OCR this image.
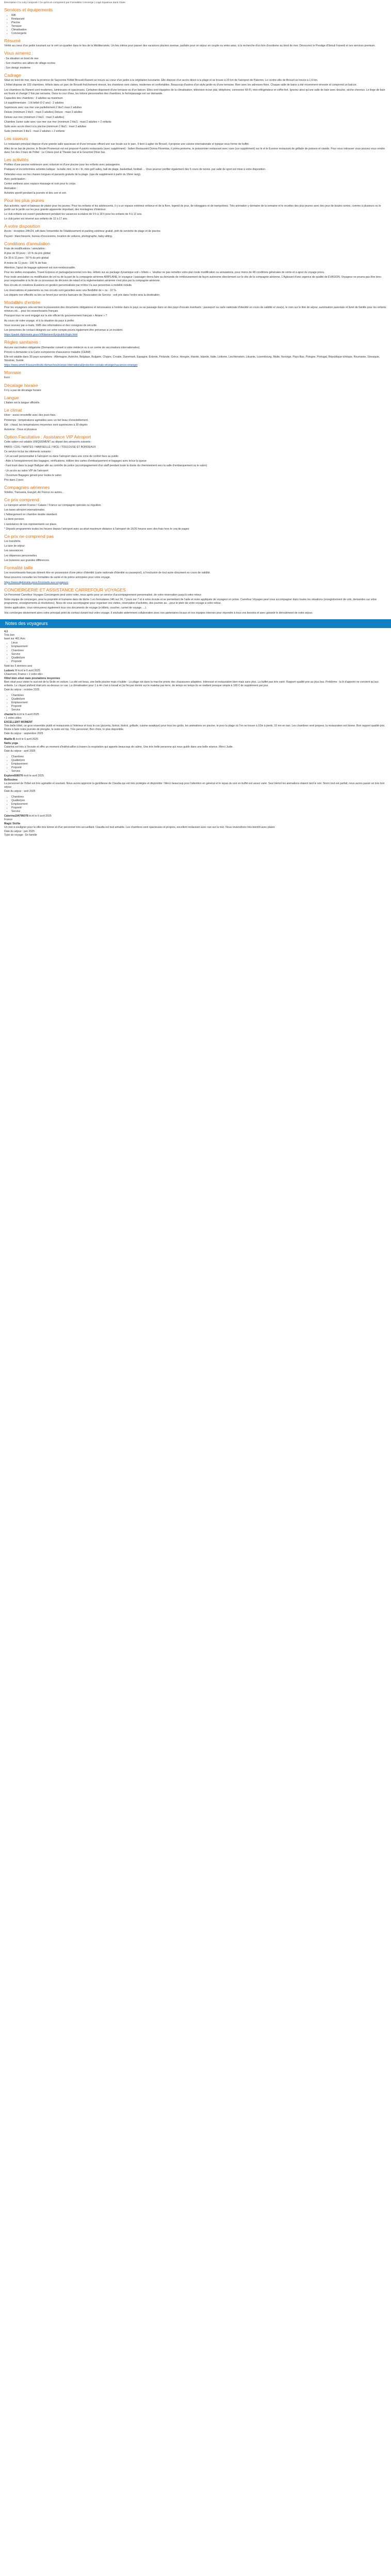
Description C'a cuiry composé / Ce qu'iis en composent par Formalités Concierge | Logé équatoue dans Claire

Services et équipements
• Wifi
• Restaurant
• Piscine
• Terrasse
• Climatisation
• Conciergerie
Résumé

Vérité au coeur d'un jardin luxuriant sur le vert un quartier dans le lieu de la Méditerranée, Un lieu intime pour passer des vacances placées avenue, parfaite pour un séjour en couple ou entre amis, à la recherche d'un brin d'exotisme au bord de mer. Découvrez le Prestige d'Ibrouli Fanenti et ses services premium.

Vous aimerez :

- Sa situation en bord de mer

- Son chartrinu ses atliors de village ecrées

- Son design moderne

Cadrage

Situé en bord de mer, dans la province de Sayvonne l'Hôtel Brouvili Ranent se trouve au coeur d'un jardin à la végétation luxuriante. Elle dispose d'un accès direct à la plage et se trouve à 20 km de l'aéroport de Palermo, Le centre-ville de Brouvil se trouve à 1,6 km.

L'Hôtel dispose de 102 chambres. Hôtels dans un parc de Brouvili fraîchement rénové, les chambres sont claires, modernes et confortables. Beaucoup d'autres d'un style jardin ou d'une terrasse. Bien avec les adresses fixes. Chaque salle de bains a été récemment rénovée et comprend un balcon.

Les chambres du Ranent sont modernes, lumineuses et spacieuses. Certaines disposent d'une terrasse ou d'un balcon. Elles sont équipées de la climatisation, télévision écran plat, téléphone, connexion Wi-Fi, mini-réfrigérateur et coffre-fort. Ignorez ainsi qu'une salle de bain avec douche, sèche-cheveux. Le linge de bain est fourni et changé 2 fois par semaine. Dans la cour d'eau, les lotions personnelles des chambres, le fer/repassage est sur demande.

Capacités des chambres : 3 adultes au maximum

Lit supplémentaire : 1 lit bébé (0-2 ans) : 2 adultes

Supérieure avec vue mer vue partiellement 2 lits/1 maxi 2 adultes

Deluxe (minimum 2 lits/1 : maxi 3 adultes) Deluxe : maxi 3 adultes

Deluxe vue mer (minimum 2 lits/1 : maxi 3 adultes)

Chambre Junior suite avec vue mer vue mer (minimum 2 lits/1 : maxi 2 adultes + 2 enfants

Suite avec accès direct à la piscine (minimum 2 lits/1 : maxi 3 adultes

Suite (minimum 3 lits/1 : maxi 2 adultes + 2 enfants

Les saveurs

Le restaurant principal dispose d'une grande salle spacieuse et d'une terrasse offrant une vue locale sur le parc. Il tient à agiter de Brouvil, il propose une cuisine internationale et typique sous forme de buffet.

Allez de se bar de piscine, le Boulet Promenuir est est proposé 4 points restaurants (avec supplément) : Italien Restaurant Donna Florentas, il prima pomeme, le poissonnier restaurant avec vues (sur supplément) sur le et le Euonne restaurant de grillade de poisson et viande. Pour vous retrouver vous pouvez vous rendre dans l'un des 2 bars de l'hôtel : Le Cinera pool & Theater bar et le Gourmet Dîner bar.

Les activités

Profitez d'une piscine extérieure avec solarium et d'une piscine pour les enfants avec pataugeoire.

Pratiquez et inconformées activités ludique : la balle mini, le trx / tir, mini golf valley, ball de plage, basketball, football ... Vous pourrez profiter également des 5 cours de tennis. par salle de sport est mise à votre disposition.

Détendez-vous sur les chaises longues et parasols gratuits de la plage. (spa de supplément à partir du 16ère rang).

Avec participation :

Centre wellness avec espace massage et soin pour le corps.

Animation :

Activités sportif pendant la journée et des soir et soir.

Pour les plus jeunes

Aux activités, sport et bateaux de plaisir pour les jeunes. Pour les enfants et les adolescents, il y a un espace extérieur enfance et de la flore, legend de jeux, de toboggans et de trampolines. Très animation y domaine de la semaine et le recettes des plus jeunes avec des jeux de boules sortes, comme à plusieurs ou le jardin sur le jardin sur les jeux grande apparente important, des montagnes d'intérieur.

Le club enfants est ouvert gratuitement pendant les vacances scolaires de 9 h à 18 h pour les enfants de 4 à 12 ans.

Le club junior est réservé aux enfants de 12 à 17 ans.

A votre disposition

Accès : réception 24h/24, wifi dans l'ensemble de l'établissement et parking extérieur gratuit, prêt de serviette de plage et de piscine.

Payant : blanchisserie, bureau d'excursions, location de voitures, photographe, baby-sitting.

Conditions d'annulation

Frais de modifications / annulation :

A plus de 30 jours : 10 % du prix global

De 30 à 11 jours : 50 % du prix global

A moins de 11 jours : 100 % de frais

Attention, l'ajout de bagage optionnel est non-remboursable.

Pour les vielles escapades, Travel Express et package/personnel non-lieu. Hôtels sur au package dynamique soit « hôtels ». Veuillez ne pas remettre votre plan toute modification ou annulations, pour moins de 48 conditions générales de vente et à ajout du voyage prévu.

Pour toute annulation ou modification de vol ou de la part de la compagnie aérienne AIRPLANE, le voyageur / passager devra faire sa demande de remboursement de façon autonome directement sur le site de la compagnie aérienne. L'Agissant d'une urgence de qualité de EVASION. Voyageur ne pourra pas être tenu pour responsable si la fin de ce processus de décision de retard et la réglementation aérienne n'est plus par la compagnie aérienne.

Nos circuits et croisières Evasions en gestion personnalisée par m'être n'a aux personnes à mobilité réduite.

Les réservations et paiements ou nos circuits sont garanties avec une flexibilité de + ou - 10 %.

Les départs non effectifs ou liés se feront jour service bancaire de l'Association de Service : soit pris dans l'ordre sera la destination.

Modalités d'entrée

Pour les voyageurs cela est bien la possession des documents obligatoires et nécessaires à l'entrée dans le pays ou au passage dans un des pays d'escale éventuels : passeport ou carte nationale d'identité en cours de validité et visa(s), le nom sur le titre de séjour, autorisation parentale et livret de famille pour les enfants mineurs etc... pour les ressortissants français.

Pourquoi tous ne sont engagé sur la site officiel du gouvernement français « Ariane » ?

Au cours de votre voyage, et à la situation du pays à préfer.

Vous recevez par e-mails, SMS des informations et des consignes de sécurité.

Les personnes de contact désignés sur votre compte pourra également être prévenue si un incident.

https://pastel.diplomatie.gouv.fr/fildariane/dyn/public/login.html

Règles sanitaires :

Aucune vaccination obligatoire (Demander conseil à votre médecin ou à un centre de vaccinations internationales).

Prévoir à demander à la Carte européenne d'assurance maladie (CEAM) :

Elle est valable dans 30 pays européens : Allemagne, Autriche, Belgique, Bulgarie, Chypre, Croatie, Danemark, Espagne, Estonie, Finlande, Grèce, Hongrie, Irlande, Islande, Italie, Lettonie, Liechtenstein, Lituanie, Luxembourg, Malte, Norvège, Pays-Bas, Pologne, Portugal, République tchèque, Roumanie, Slovaquie, Slovénie, Suède

https://www.ameli.fr/assure/droits-demarches/europe-international/protection-sociale-etranger/vacances-etranger

Monnaie

Euro

Décalage horaire

Il n'y a pas de décalage horaire

Langue

L'italien est la langue officielle.

Le climat

Hiver : assez ensoleillé avec des jours frais.

Printemps : températures agréables avec un bel beau d'ensoleillement.

Eté : chaud, les températures moyennes sont supérieures à 30 degrés

Automne : Doux et pluvieux

Option Facultative : Assistance VIP Aéroport

Cette option est valable UNIQUEMENT au départ des aéroports suivants :

PARIS / CDG / NANTES / MARSEILLE / NICE / TOULOUSE ET BORDEAUX

Ce service inclus les éléments suivants :

- Un accueil personnalisé à l'aéroport ou dans l'aéroport dans une zone de confort face au public

- Aide à l'enregistrement des bagages, vérifications, édition des cartes d'embarquement et bagages avec le/sur la queue

- Fast track dans la pagé Ballyper afin au contrôle de police (accompagnement d'un staff pendant toute la durée du cheminement vers la salle d'embarquement ou le salon)

- Un accès au salon VIP de l'aéroport

- Ouverture Bagages gérant pour toutes le salon

Prix dans 2 pers

Compagnies aériennes

Voleibo, Transavia, Easyjet, Air France ou autres...

Ce prix comprend

Le transport aérien France / Catane / France sur compagnie spéciale ou régulière.

Les taxes aéroport internationales.

L'hébergement en chambre double standard.

La demi-pension.

L'assistance de nos représentants sur place.

* Départs programmés toutes les heures depuis l'aéroport avec sa situé maximum distance à l'aéroport de 16/20 heures avec des frais hors le coq de pages

Ce prix ne comprend pas

Les transferts.

La taxe de séjour.

Les assurances.

Les dépenses personnelles.

Les boissons aux grandes différences.

Formalité taille

Les ressortissants français doivent être en possession d'une pièce d'identité (carte nationale d'identité ou passeport), à l'exclusion de tout autre document en cours de validité.

Nous pouvons consulter les formalités de santé et de police anticipées pour votre voyage.

https://www.diplomatie.gouv.fr/conseils-aux-voyageurs

CONCIERGERIE ET ASSISTANCE CARREFOUR VOYAGES

Un Personnel Carrefour Voyages Conciergerie peut votre noter, nous après pour un service d'accompagnement personnalisé, de votre réservation jusqu'à votre retour.

Notre équipe de concierges, pour la propriété et humaine dans de tâche 1 en formulaires 24h sur 24, 7 jours sur 7 et à votre écoute et se permettant de l'aide et reste appliquée de voyageur en prime. Carrefour Voyages peut vous accompagner dans toutes les situations (enregistrement de vols, demandes sur votre programme, enseignements & résolutions). Nous de vous accompagner pour organiser vos visites, réservation d'activités, des journée au ...pour le plein de votre voyage à votre retour.

Ventre application, vous retrouverez également tous vos documents de voyage (e-billets, voucher, carnet de voyage, ...).

Vos concierges deviennent alors votre principal point de contact durant tout votre voyage. Il souhaite ardemment collaboration avec nos partenaires locaux et nos équipes internes pour répondre à tous vos besoins et avec garantir le déroulement de votre séjour.

Notes des voyageurs

4,1

Très bon

basé sur 461 Avis

• Lieux
• Emplacement
• Chambres
• Service
• Qualité/prix
• Propreté

Noté les 5 derniers avis

Ludovic V écrit le 6 avril 2025

Chaumont, France • 1 votre été»

Hôtel bien situé mais prestations moyennes

Bien situé pour visiter le sud-est de la Sicile en voiture. La vité est beau, une belle piscine mais n'oublie - La plage est dans la marche privée des chaussures adaptées. Intéressé et restauration bien mais sans plus. La buffet pas très varié. Rapport qualité-prix au plus bas. Problème : la lit d'appoint ne convient qu'aux enfants. Le cliquet plafond était pris au-dessus ce cas. La climatisation pour 1 à 4è c'est à travail et j'ai fini par dormir sur le matelas par terre, de temps en temps ils se mettent presque simple à 180 € de supplément par jour.

Date du séjour : octobre 2025

• Chambres
• Qualité/prix
• Emplacement
• Propreté
• Service

chantal b écrit le 6 avril 2025

• 1 votes utiles

EXCELLENT MOMENT

Très belle hôtel, un gros ensemble plutôt et restaurants à l'intérieur et tous le cos (pizzeria, bistrot, bistrol, grillade, cuisine asiatique) pour tous les goûts, les animations en piscine, le pour la plage où l'on se trouve à 10m à pieds, 10 mn en taxi. Les chambres sont propres, la restauration est bonne. Bon rapport qualité-prix. Reste à faire notre journée de plongée, le reste est top. Très personnel, Bon choix, le plus disponible.

Date du séjour : septembre 2025

Maëlle B écrit le 6 avril 2025

Nattu yoga

Catarina est très à l'écoute et offre un moment d'indévicaillon à travers la respiration qui apporte beaucoup de calme. Une très belle personne qui nous guide dans une belle séance. Merci Judie.

Date du séjour : avril 2025

• Chambres
• Qualité/prix
• Emplacement
• Propreté
• Service

Explore606076 écrit le avril 2025

Bellissimo

La personnel de l'hôtel est très agréable et souriant. Nous avons apprécié la gentillesse de Claudia qui est très protégée et disponible ! Merci beaucoup pour l'attention en général et le repas du soir en buffet est assez varié. Seul bémol les animations étaient tard le soir. Sinon tout est parfait, nous avons passé un très bon séjour.

Date du séjour : avril 2025

• Chambres
• Qualité/prix
• Emplacement
• Propreté
• Service

Caterina194796078 écrit le 6 avril 2025

France

Magic Sicilia

Un mot à souligner pour la ville très bonne et d'un personnel très accueillant. Claudia est tout aimable. Les chambres sont spacieuses et propres, excellent restaurant avec vue sur la mer. Nous reviendrons très bientôt avec plaisir.

Date du séjour : juin 2025

Type de voyage : En famille
